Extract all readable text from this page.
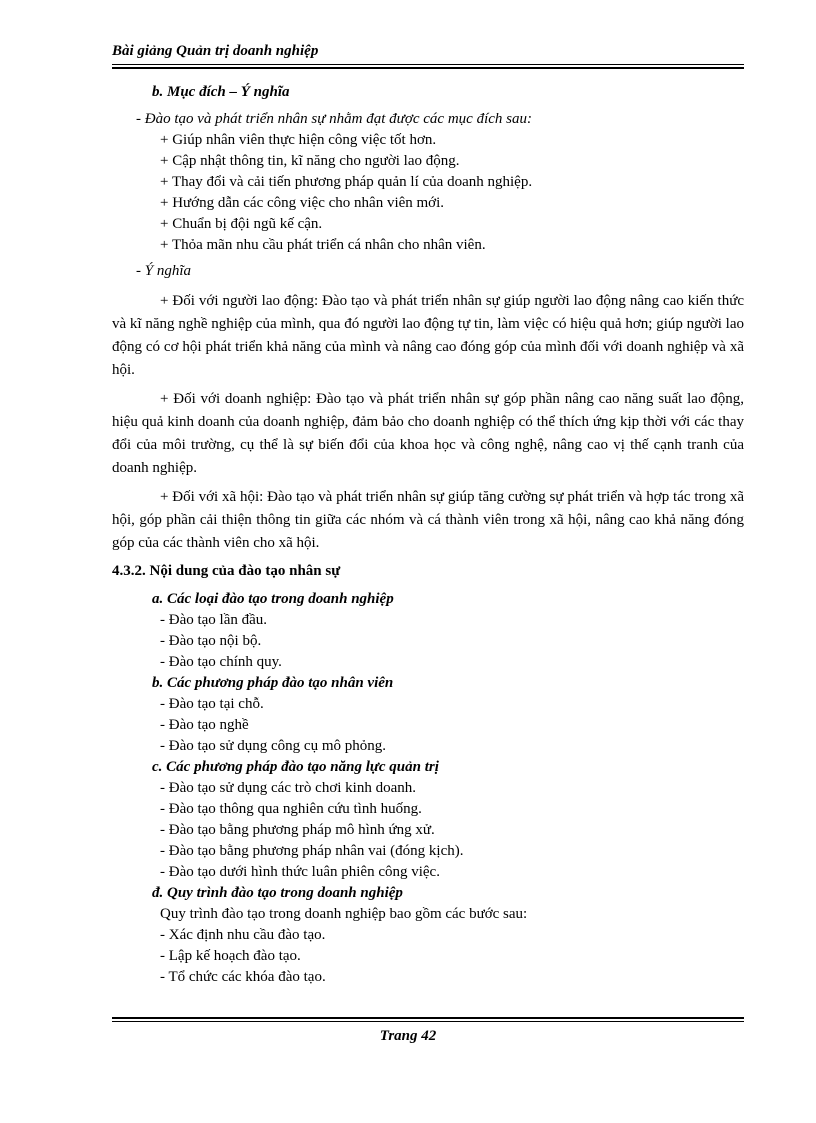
Bài giảng Quản trị doanh nghiệp
b. Mục đích – Ý nghĩa
- Đào tạo và phát triển nhân sự nhằm đạt được các mục đích sau:
+ Giúp nhân viên thực hiện công việc tốt hơn.
+ Cập nhật thông tin, kĩ năng cho người lao động.
+ Thay đổi và cải tiến phương pháp quản lí của doanh nghiệp.
+ Hướng dẫn các công việc cho nhân viên mới.
+ Chuẩn bị đội ngũ kế cận.
+ Thỏa mãn nhu cầu phát triển cá nhân cho nhân viên.
- Ý nghĩa

+ Đối với người lao động: Đào tạo và phát triển nhân sự giúp người lao động nâng cao kiến thức và kĩ năng nghề nghiệp của mình, qua đó người lao động tự tin, làm việc có hiệu quả hơn; giúp người lao động có cơ hội phát triển khả năng của mình và nâng cao đóng góp của mình đối với doanh nghiệp và xã hội.

+ Đối với doanh nghiệp: Đào tạo và phát triển nhân sự góp phần nâng cao năng suất lao động, hiệu quả kinh doanh của doanh nghiệp, đảm bảo cho doanh nghiệp có thể thích ứng kịp thời với các thay đổi của môi trường, cụ thể là sự biến đổi của khoa học và công nghệ, nâng cao vị thế cạnh tranh của doanh nghiệp.

+ Đối với xã hội: Đào tạo và phát triển nhân sự giúp tăng cường sự phát triển và hợp tác trong xã hội, góp phần cải thiện thông tin giữa các nhóm và cá thành viên trong xã hội, nâng cao khả năng đóng góp của các thành viên cho xã hội.

4.3.2. Nội dung của đào tạo nhân sự
a. Các loại đào tạo trong doanh nghiệp
- Đào tạo lần đầu.
- Đào tạo nội bộ.
- Đào tạo chính quy.
b. Các phương pháp đào tạo nhân viên
- Đào tạo tại chỗ.
- Đào tạo nghề
- Đào tạo sử dụng công cụ mô phỏng.
c. Các phương pháp đào tạo năng lực quản trị
- Đào tạo sử dụng các trò chơi kinh doanh.
- Đào tạo thông qua nghiên cứu tình huống.
- Đào tạo bằng phương pháp mô hình ứng xử.
- Đào tạo bằng phương pháp nhân vai (đóng kịch).
- Đào tạo dưới hình thức luân phiên công việc.
đ. Quy trình đào tạo trong doanh nghiệp
Quy trình đào tạo trong doanh nghiệp bao gồm các bước sau:
- Xác định nhu cầu đào tạo.
- Lập kế hoạch đào tạo.
- Tổ chức các khóa đào tạo.
Trang 42
